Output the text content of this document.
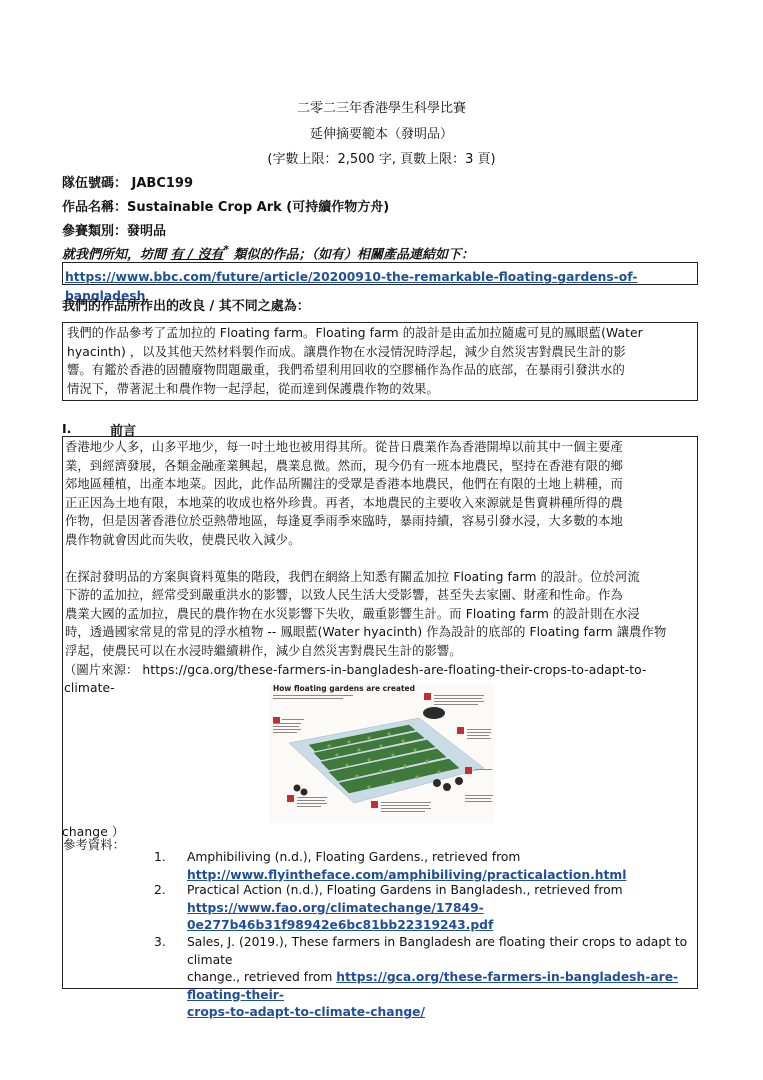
二零二三年香港學生科學比賽
延伸摘要範本（發明品）
(字數上限：2,500 字, 頁數上限：3 頁)
隊伍號碼： JABC199
作品名稱：Sustainable Crop Ark (可持續作物方舟)
參賽類別：發明品
就我們所知，坊間 有 / 沒有* 類似的作品；（如有）相關產品連結如下：
https://www.bbc.com/future/article/20200910-the-remarkable-floating-gardens-of-bangladesh
我們的作品所作出的改良 / 其不同之處為：

我們的作品參考了孟加拉的 Floating farm。Floating farm 的設計是由孟加拉隨處可見的鳳眼藍(Water

hyacinth) ，以及其他天然材料製作而成。讓農作物在水浸情況時浮起，減少自然災害對農民生計的影

響。有鑑於香港的固體廢物問題嚴重，我們希望利用回收的空膠桶作為作品的底部，在暴雨引發洪水的

情況下，帶著泥土和農作物一起浮起，從而達到保護農作物的效果。

I.	前言

香港地少人多，山多平地少，每一吋土地也被用得其所。從昔日農業作為香港開埠以前其中一個主要產

業，到經濟發展，各類金融產業興起，農業息微。然而，現今仍有一班本地農民，堅持在香港有限的鄉

郊地區種植，出產本地菜。因此，此作品所關注的受眾是香港本地農民，他們在有限的土地上耕種，而

正正因為土地有限，本地菜的收成也格外珍貴。再者，本地農民的主要收入來源就是售賣耕種所得的農

作物，但是因著香港位於亞熱帶地區，每逢夏季雨季來臨時，暴雨持續，容易引發水浸，大多數的本地

農作物就會因此而失收，使農民收入減少。

在探討發明品的方案與資料蒐集的階段，我們在網絡上知悉有關孟加拉 Floating farm 的設計。位於河流

下游的孟加拉，經常受到嚴重洪水的影響，以致人民生活大受影響，甚至失去家園、財產和性命。作為

農業大國的孟加拉，農民的農作物在水災影響下失收，嚴重影響生計。而 Floating farm 的設計則在水浸

時，透過國家常見的常見的浮水植物 -- 鳳眼藍(Water hyacinth) 作為設計的底部的 Floating farm 讓農作物

浮起，使農民可以在水浸時繼續耕作，減少自然災害對農民生計的影響。

（圖片來源： https://gca.org/these-farmers-in-bangladesh-are-floating-their-crops-to-adapt-to-climate-	How floating gardens are created

change ）

參考資料：

1. Amphibiliving (n.d.), Floating Gardens., retrieved from
http://www.flyintheface.com/amphibiliving/practicalaction.html
2. Practical Action (n.d.), Floating Gardens in Bangladesh., retrieved from
https://www.fao.org/climatechange/17849-
0e277b46b31f98942e6bc81bb22319243.pdf
3. Sales, J. (2019.), These farmers in Bangladesh are floating their crops to adapt to climate
change., retrieved from https://gca.org/these-farmers-in-bangladesh-are-floating-their-
crops-to-adapt-to-climate-change/
